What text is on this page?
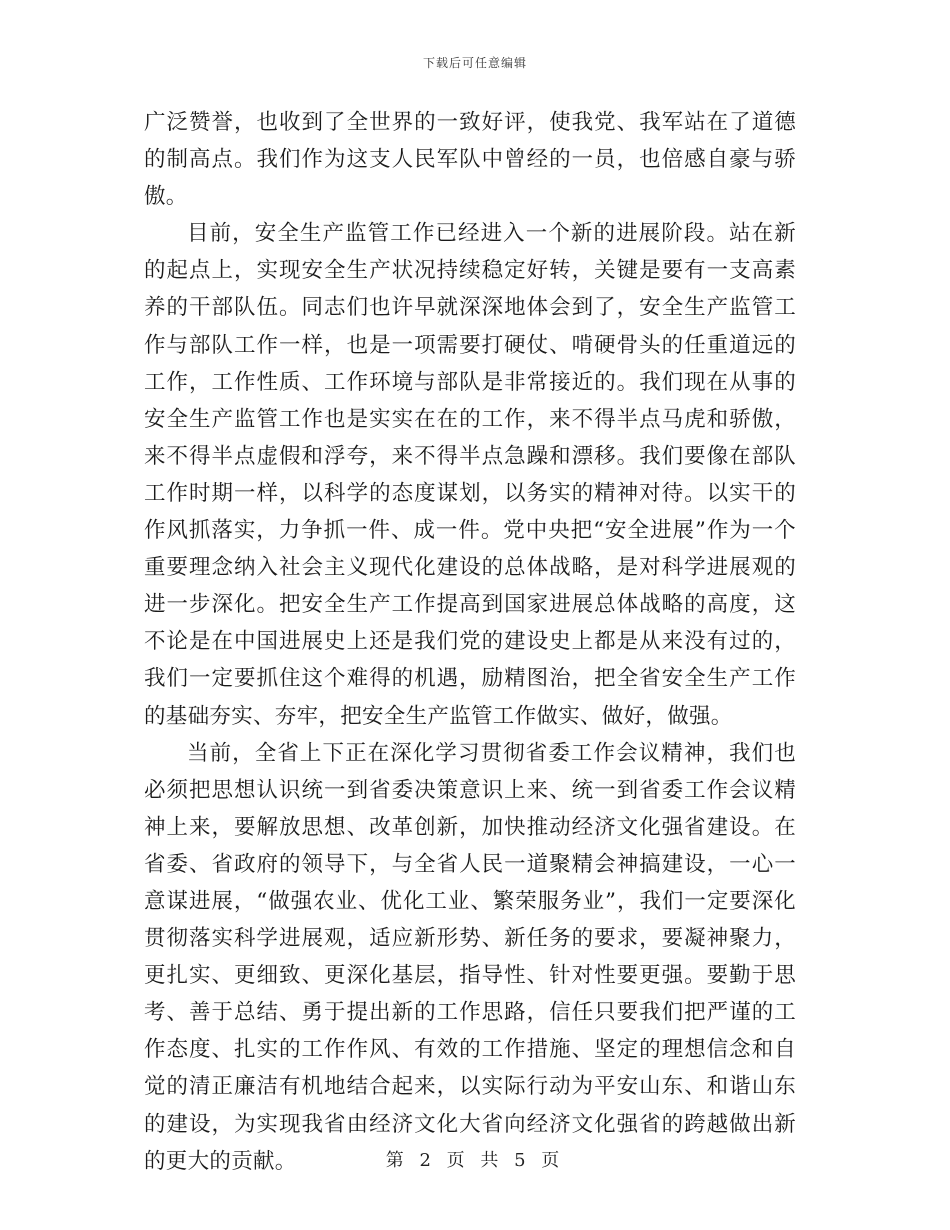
下载后可任意编辑

广泛赞誉，也收到了全世界的一致好评，使我党、我军站在了道德的制高点。我们作为这支人民军队中曾经的一员，也倍感自豪与骄傲。

目前，安全生产监管工作已经进入一个新的进展阶段。站在新的起点上，实现安全生产状况持续稳定好转，关键是要有一支高素养的干部队伍。同志们也许早就深深地体会到了，安全生产监管工作与部队工作一样，也是一项需要打硬仗、啃硬骨头的任重道远的工作，工作性质、工作环境与部队是非常接近的。我们现在从事的安全生产监管工作也是实实在在的工作，来不得半点马虎和骄傲，来不得半点虚假和浮夸，来不得半点急躁和漂移。我们要像在部队工作时期一样，以科学的态度谋划，以务实的精神对待。以实干的作风抓落实，力争抓一件、成一件。党中央把“安全进展”作为一个重要理念纳入社会主义现代化建设的总体战略，是对科学进展观的进一步深化。把安全生产工作提高到国家进展总体战略的高度，这不论是在中国进展史上还是我们党的建设史上都是从来没有过的，我们一定要抓住这个难得的机遇，励精图治，把全省安全生产工作的基础夯实、夯牢，把安全生产监管工作做实、做好，做强。

当前，全省上下正在深化学习贯彻省委工作会议精神，我们也必须把思想认识统一到省委决策意识上来、统一到省委工作会议精神上来，要解放思想、改革创新，加快推动经济文化强省建设。在省委、省政府的领导下，与全省人民一道聚精会神搞建设，一心一意谋进展，“做强农业、优化工业、繁荣服务业”，我们一定要深化贯彻落实科学进展观，适应新形势、新任务的要求，要凝神聚力，更扎实、更细致、更深化基层，指导性、针对性要更强。要勤于思考、善于总结、勇于提出新的工作思路，信任只要我们把严谨的工作态度、扎实的工作作风、有效的工作措施、坚定的理想信念和自觉的清正廉洁有机地结合起来，以实际行动为平安山东、和谐山东的建设，为实现我省由经济文化大省向经济文化强省的跨越做出新的更大的贡献。	第 2 页 共 5 页
